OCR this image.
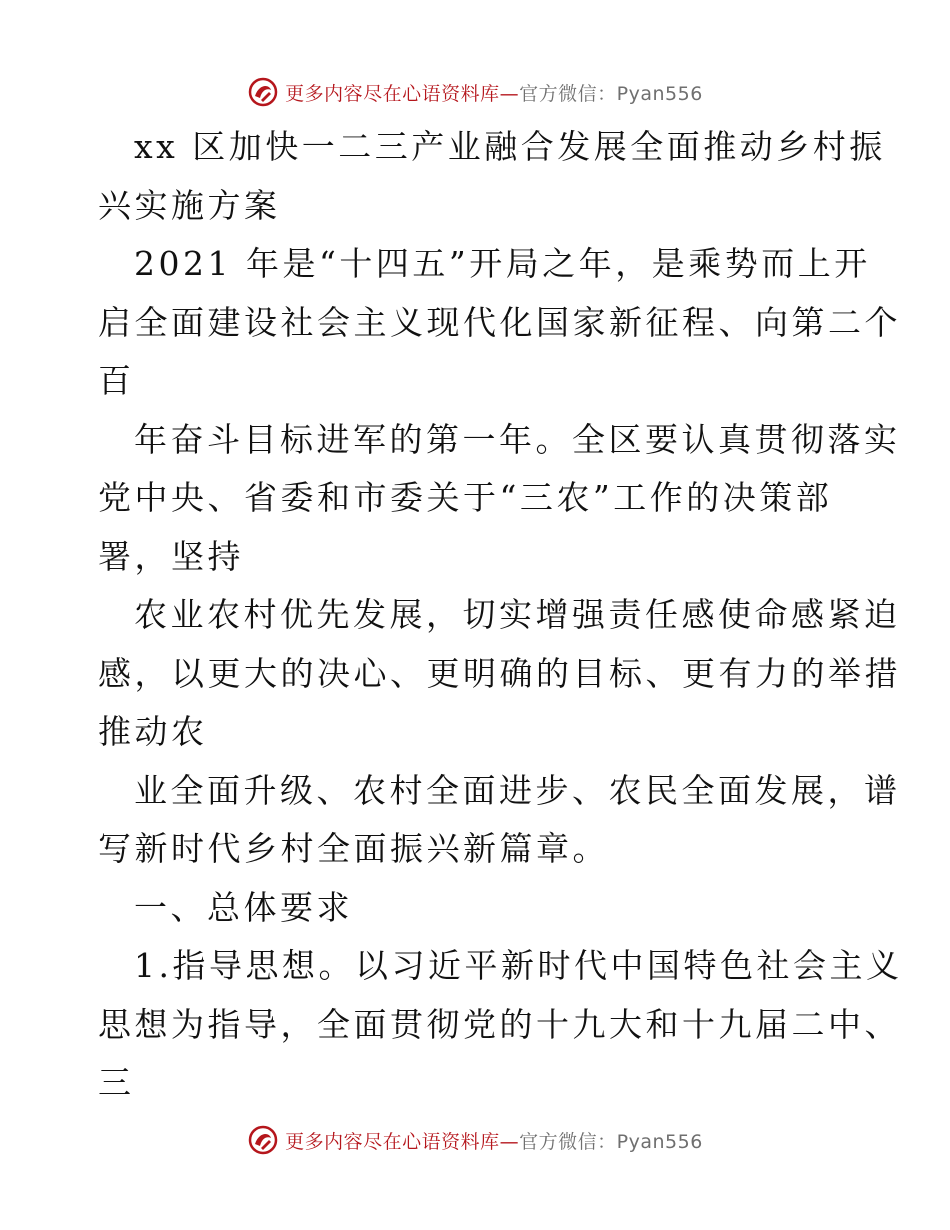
更多内容尽在心语资料库—官方微信：Pyan556
xx 区加快一二三产业融合发展全面推动乡村振
兴实施方案
2021 年是“十四五”开局之年，是乘势而上开
启全面建设社会主义现代化国家新征程、向第二个
百
年奋斗目标进军的第一年。全区要认真贯彻落实
党中央、省委和市委关于“三农”工作的决策部
署，坚持
农业农村优先发展，切实增强责任感使命感紧迫
感，以更大的决心、更明确的目标、更有力的举措
推动农
业全面升级、农村全面进步、农民全面发展，谱
写新时代乡村全面振兴新篇章。
一、总体要求
1.指导思想。以习近平新时代中国特色社会主义
思想为指导，全面贯彻党的十九大和十九届二中、
三
更多内容尽在心语资料库—官方微信：Pyan556
